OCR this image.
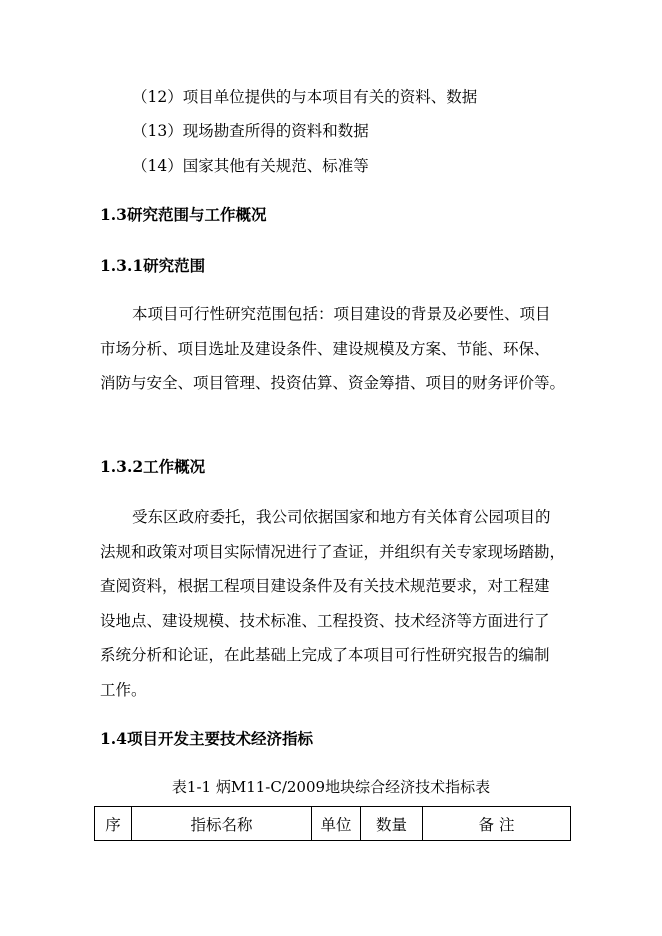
（12）项目单位提供的与本项目有关的资料、数据
（13）现场勘查所得的资料和数据
（14）国家其他有关规范、标准等
1.3研究范围与工作概况
1.3.1研究范围
本项目可行性研究范围包括：项目建设的背景及必要性、项目
市场分析、项目选址及建设条件、建设规模及方案、节能、环保、
消防与安全、项目管理、投资估算、资金筹措、项目的财务评价等。
1.3.2工作概况
受东区政府委托，我公司依据国家和地方有关体育公园项目的
法规和政策对项目实际情况进行了查证，并组织有关专家现场踏勘，
查阅资料，根据工程项目建设条件及有关技术规范要求，对工程建
设地点、建设规模、技术标准、工程投资、技术经济等方面进行了
系统分析和论证，在此基础上完成了本项目可行性研究报告的编制
工作。
1.4项目开发主要技术经济指标
表1-1 炳M11-C/2009地块综合经济技术指标表
序	指标名称	单位	数量	备 注
